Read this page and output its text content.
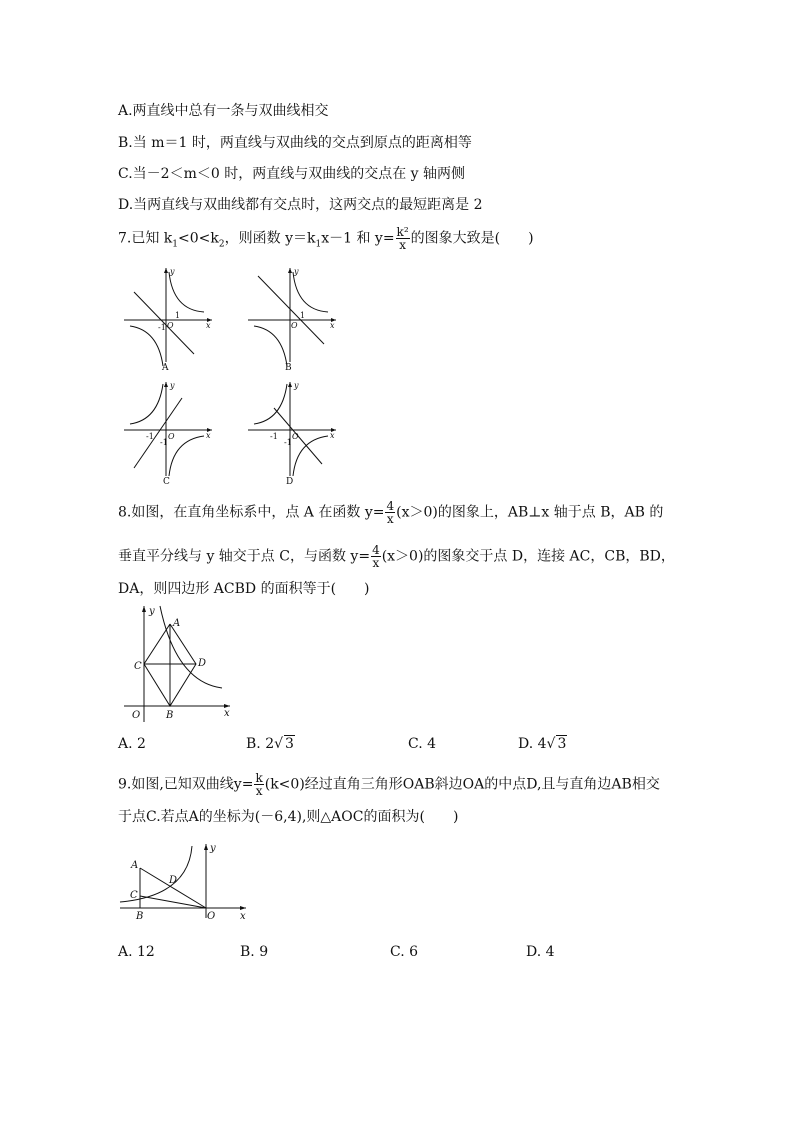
A.两直线中总有一条与双曲线相交
B.当 m＝1 时，两直线与双曲线的交点到原点的距离相等
C.当－2＜m＜0 时，两直线与双曲线的交点在 y 轴两侧
D.当两直线与双曲线都有交点时，这两交点的最短距离是 2
7.已知 $k_1<0<k_2$，则函数 $y=k_1x-1$ 和 $y= \frac{\text{k²}}{x}$ 的图象大致是(　　)
y
x
O
1
-1
A
y
x
O
1
B
y
x
O
-1
-1
C
y
x
O
-1
-1
D
8.如图，在直角坐标系中，点 A 在函数 $y= \frac{4}{x} (x>0)$的图象上，AB⊥x 轴于点 B，AB 的
垂直平分线与 y 轴交于点 C，与函数 $y= \frac{4}{x} (x>0)$的图象交于点 D，连接 AC，CB，BD，
DA，则四边形 ACBD 的面积等于(　　)
y
x
A
C	D
O	B
A. 2	B. 2√ 3	C. 4	D. 4√ 3
9.如图,已知双曲线$y= \frac{k}{x} (k<0)$经过直角三角形OAB斜边OA的中点D,且与直角边AB相交
于点C.若点A的坐标为(－6,4),则△AOC的面积为(　　)
y
x
A
C
D
O
B
A. 12	B. 9	C. 6	D. 4
